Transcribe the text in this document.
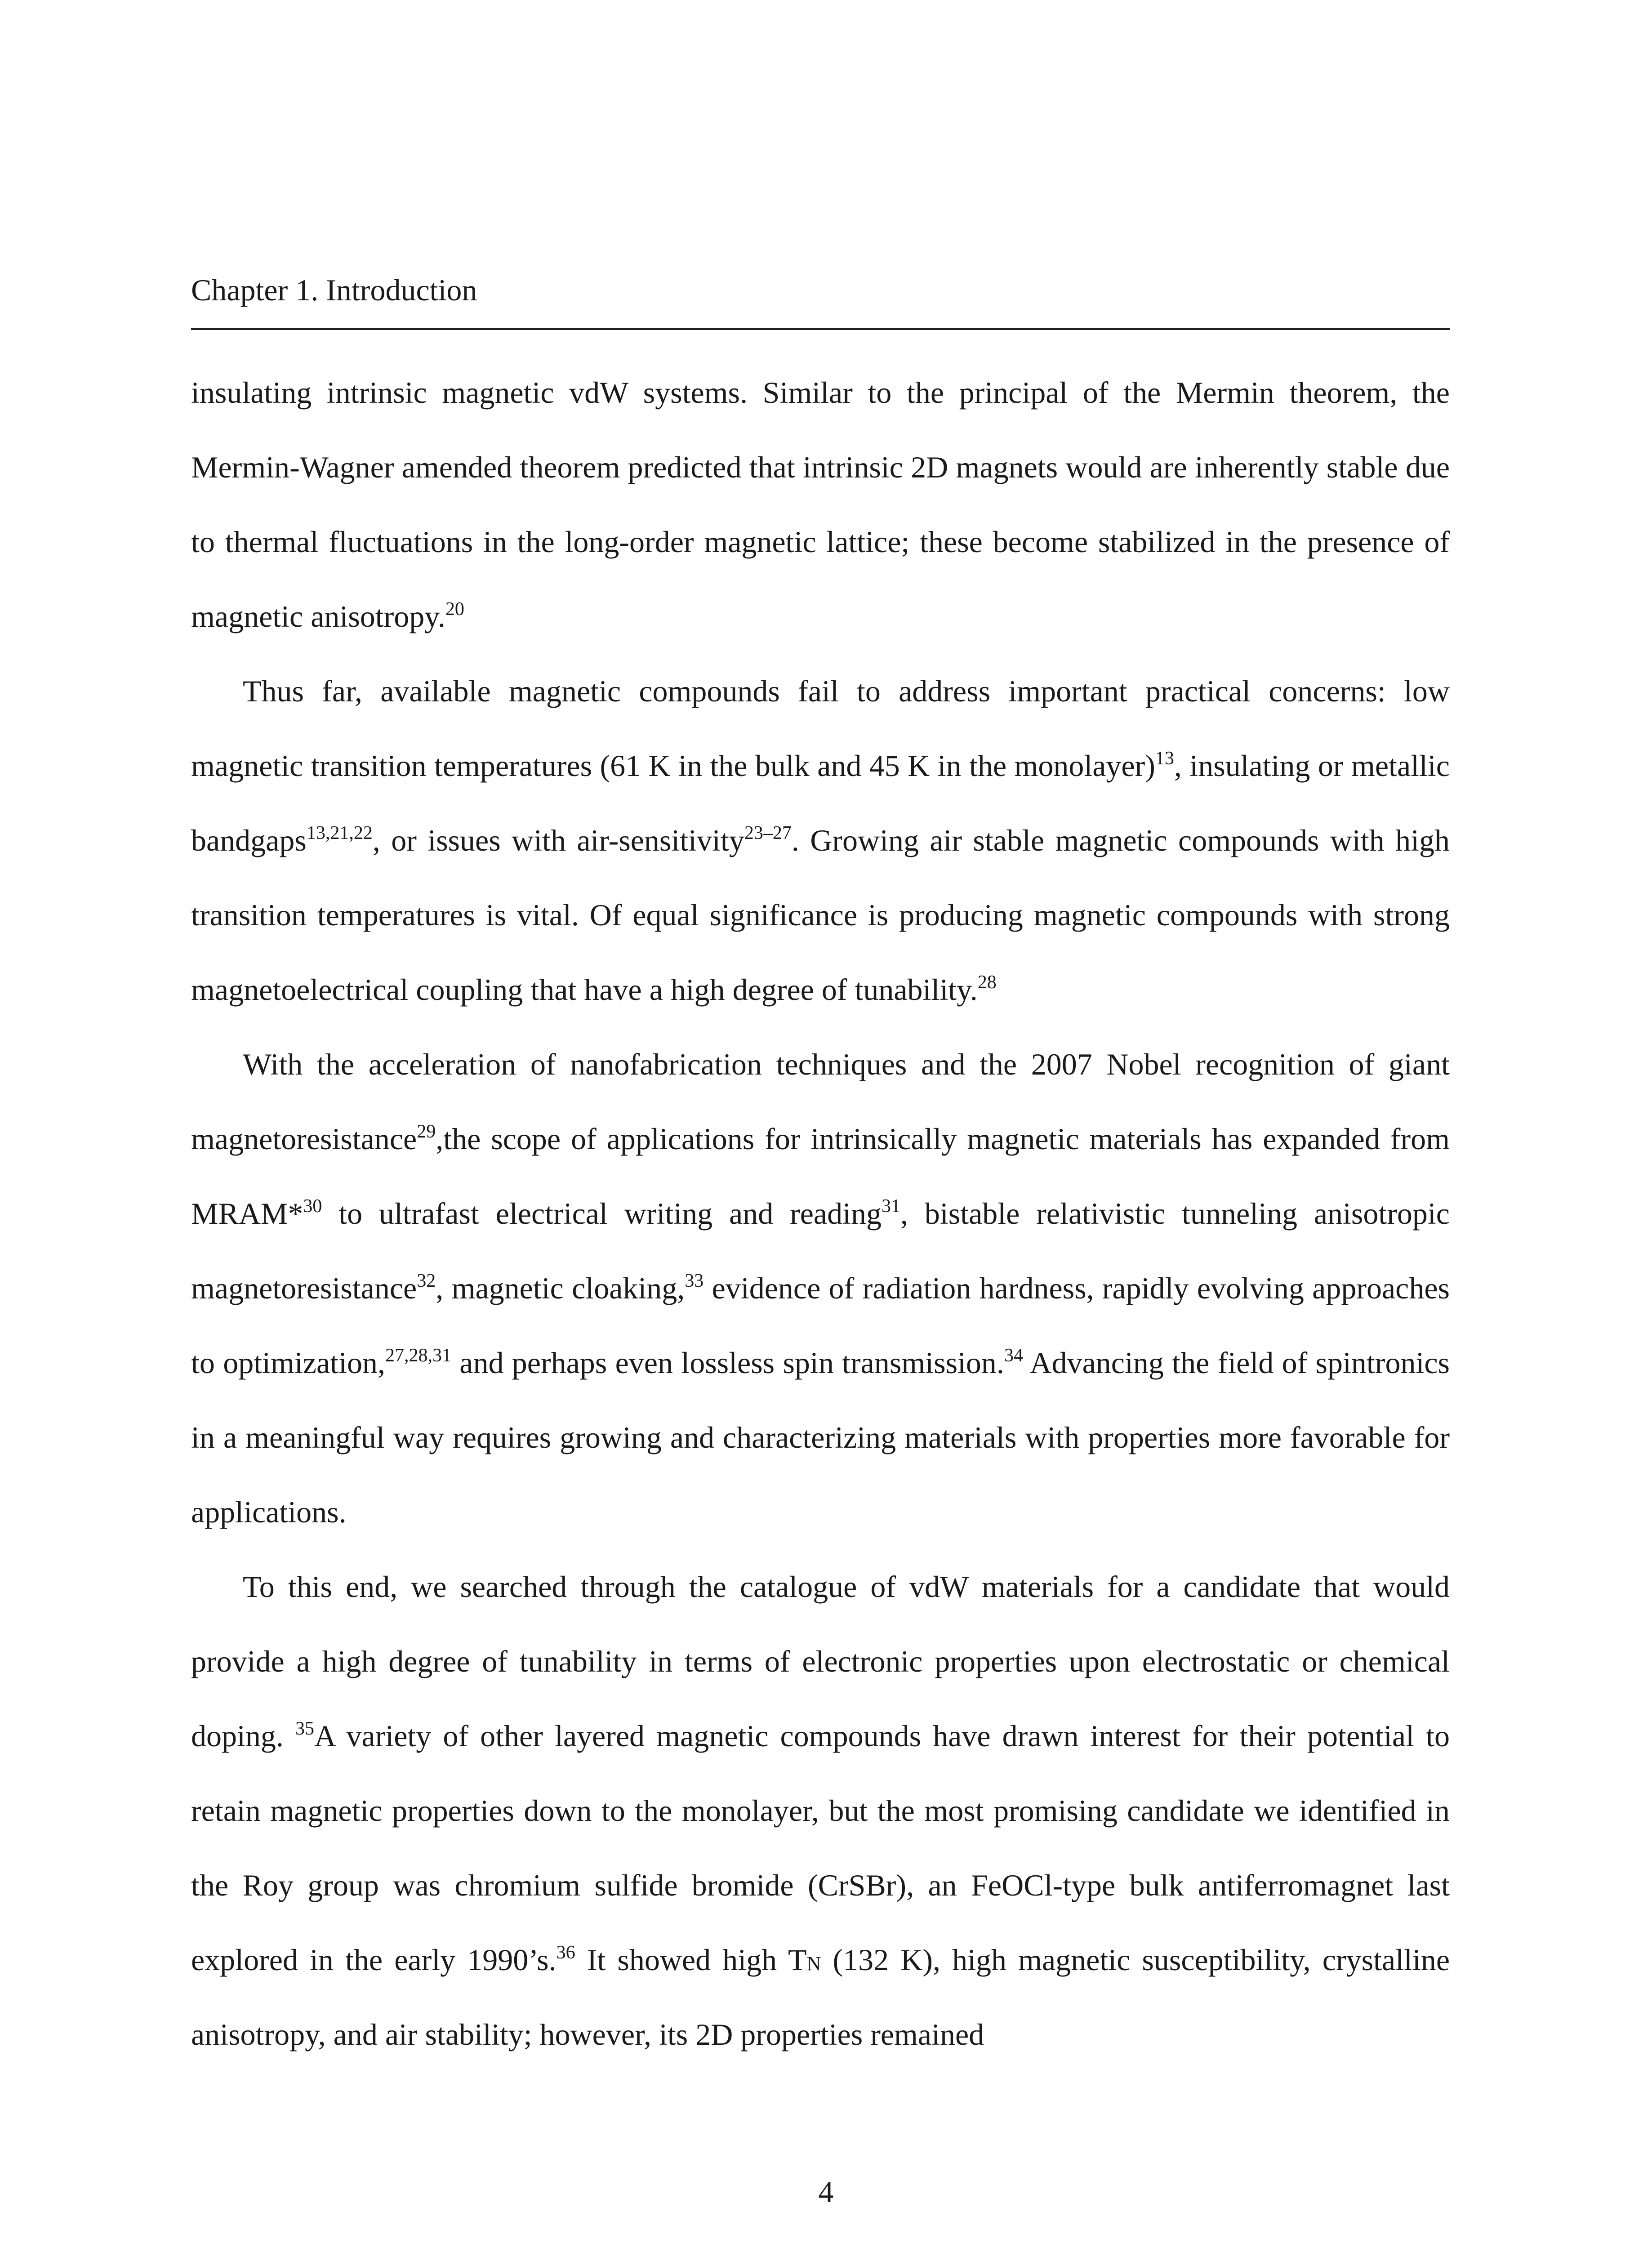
Chapter 1. Introduction

insulating intrinsic magnetic vdW systems. Similar to the principal of the Mermin theorem, the Mermin-Wagner amended theorem predicted that intrinsic 2D magnets would are inherently stable due to thermal fluctuations in the long-order magnetic lattice; these become stabilized in the presence of magnetic anisotropy.$^{20}$

Thus far, available magnetic compounds fail to address important practical concerns: low magnetic transition temperatures (61 K in the bulk and 45 K in the monolayer)$^{13}$, insulating or metallic bandgaps$^{13,21,22}$, or issues with air-sensitivity$^{23-27}$. Growing air stable magnetic compounds with high transition temperatures is vital. Of equal significance is producing magnetic compounds with strong magnetoelectrical coupling that have a high degree of tunability.$^{28}$

With the acceleration of nanofabrication techniques and the 2007 Nobel recognition of giant magnetoresistance$^{29}$,the scope of applications for intrinsically magnetic materials has expanded from MRAM*$^{30}$ to ultrafast electrical writing and reading$^{31}$, bistable relativistic tunneling anisotropic magnetoresistance$^{32}$, magnetic cloaking,$^{33}$ evidence of radiation hardness, rapidly evolving approaches to optimization,$^{27,28,31}$ and perhaps even lossless spin transmission.$^{34}$ Advancing the field of spintronics in a meaningful way requires growing and characterizing materials with properties more favorable for applications.

To this end, we searched through the catalogue of vdW materials for a candidate that would provide a high degree of tunability in terms of electronic properties upon electrostatic or chemical doping. $^{35}$A variety of other layered magnetic compounds have drawn interest for their potential to retain magnetic properties down to the monolayer, but the most promising candidate we identified in the Roy group was chromium sulfide bromide (CrSBr), an FeOCl-type bulk antiferromagnet last explored in the early 1990’s.$^{36}$ It showed high TN (132 K), high magnetic susceptibility, crystalline anisotropy, and air stability; however, its 2D properties remained

4
